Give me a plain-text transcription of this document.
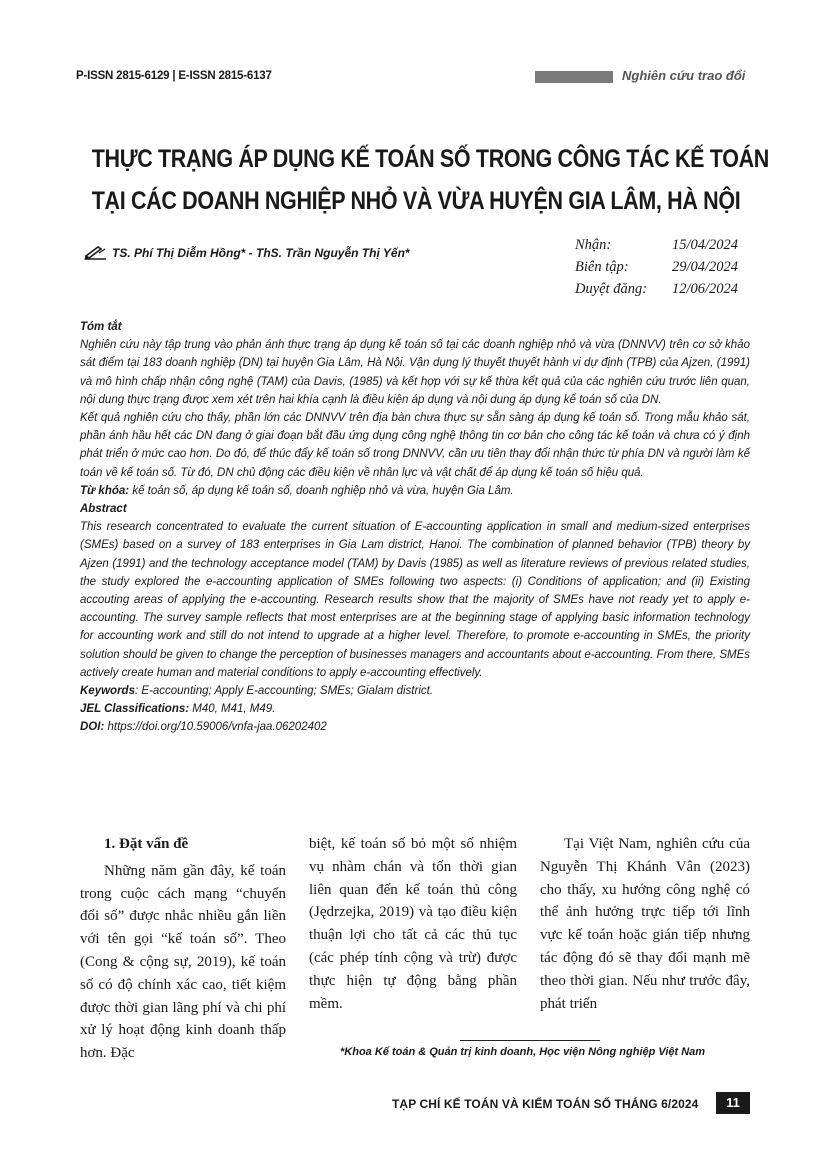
P-ISSN 2815-6129 | E-ISSN 2815-6137	Nghiên cứu trao đổi
THỰC TRẠNG ÁP DỤNG KẾ TOÁN SỐ TRONG CÔNG TÁC KẾ TOÁN
TẠI CÁC DOANH NGHIỆP NHỎ VÀ VỪA HUYỆN GIA LÂM, HÀ NỘI
TS. Phí Thị Diễm Hồng* - ThS. Trần Nguyễn Thị Yến*	Nhận:	15/04/2024
Biên tập:	29/04/2024
Duyệt đăng: 12/06/2024

Tóm tắt

Nghiên cứu này tập trung vào phản ánh thực trạng áp dụng kế toán số tại các doanh nghiệp nhỏ và vừa (DNNVV) trên cơ sở khảo sát điểm tại 183 doanh nghiệp (DN) tại huyện Gia Lâm, Hà Nội. Vận dụng lý thuyết thuyết hành vi dự định (TPB) của Ajzen, (1991) và mô hình chấp nhận công nghệ (TAM) của Davis, (1985) và kết hợp với sự kế thừa kết quả của các nghiên cứu trước liên quan, nội dung thực trạng được xem xét trên hai khía cạnh là điều kiện áp dụng và nội dung áp dụng kế toán số của DN.

Kết quả nghiên cứu cho thấy, phần lớn các DNNVV trên địa bàn chưa thực sự sẵn sàng áp dụng kế toán số. Trong mẫu khảo sát, phần ánh hầu hết các DN đang ở giai đoạn bắt đầu ứng dụng công nghệ thông tin cơ bản cho công tác kế toán và chưa có ý định phát triển ở mức cao hơn. Do đó, để thúc đẩy kế toán số trong DNNVV, cần ưu tiên thay đổi nhận thức từ phía DN và người làm kế toán về kế toán số. Từ đó, DN chủ động các điều kiện về nhân lực và vật chất để áp dụng kế toán số hiệu quả.

Từ khóa: kế toán số, áp dụng kế toán số, doanh nghiệp nhỏ và vừa, huyện Gia Lâm.

Abstract

This research concentrated to evaluate the current situation of E-accounting application in small and medium-sized enterprises (SMEs) based on a survey of 183 enterprises in Gia Lam district, Hanoi. The combination of planned behavior (TPB) theory by Ajzen (1991) and the technology acceptance model (TAM) by Davis (1985) as well as literature reviews of previous related studies, the study explored the e-accounting application of SMEs following two aspects: (i) Conditions of application; and (ii) Existing accouting areas of applying the e-accounting. Research results show that the majority of SMEs have not ready yet to apply e-accounting. The survey sample reflects that most enterprises are at the beginning stage of applying basic information technology for accounting work and still do not intend to upgrade at a higher level. Therefore, to promote e-accounting in SMEs, the priority solution should be given to change the perception of businesses managers and accountants about e-accounting. From there, SMEs actively create human and material conditions to apply e-accounting effectively.

Keywords: E-accounting; Apply E-accounting; SMEs; Gialam district.

JEL Classifications: M40, M41, M49.

DOI: https://doi.org/10.59006/vnfa-jaa.06202402

1. Đặt vấn đề

Những năm gần đây, kế toán trong cuộc cách mạng “chuyển đổi số” được nhắc nhiều gắn liền với tên gọi “kế toán số”. Theo (Cong & cộng sự, 2019), kế toán số có độ chính xác cao, tiết kiệm được thời gian lãng phí và chi phí xử lý hoạt động kinh doanh thấp hơn. Đặc

biệt, kế toán số bỏ một số nhiệm vụ nhàm chán và tốn thời gian liên quan đến kế toán thủ công (Jędrzejka, 2019) và tạo điều kiện thuận lợi cho tất cả các thủ tục (các phép tính cộng và trừ) được thực hiện tự động bằng phần mềm.

Tại Việt Nam, nghiên cứu của Nguyễn Thị Khánh Vân (2023) cho thấy, xu hướng công nghệ có thể ảnh hưởng trực tiếp tới lĩnh vực kế toán hoặc gián tiếp nhưng tác động đó sẽ thay đổi mạnh mẽ theo thời gian. Nếu như trước đây, phát triển

*Khoa Kế toán & Quản trị kinh doanh, Học viện Nông nghiệp Việt Nam
TẠP CHÍ KẾ TOÁN VÀ KIỂM TOÁN SỐ THÁNG 6/2024	11
